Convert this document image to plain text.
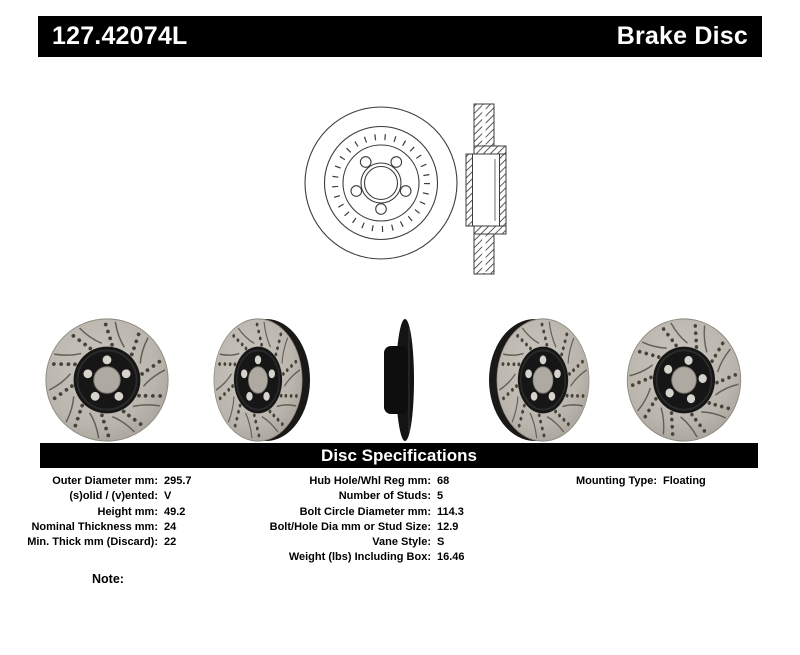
127.42074L	Brake Disc
Disc Specifications
Outer Diameter mm: 295.7
(s)olid / (v)ented: V
Height mm: 49.2
Nominal Thickness mm: 24
Min. Thick mm (Discard): 22
Hub Hole/Whl Reg mm: 68
Number of Studs: 5
Bolt Circle Diameter mm: 114.3
Bolt/Hole Dia mm or Stud Size: 12.9
Vane Style: S
Weight (lbs) Including Box: 16.46
Mounting Type: Floating
Note:
